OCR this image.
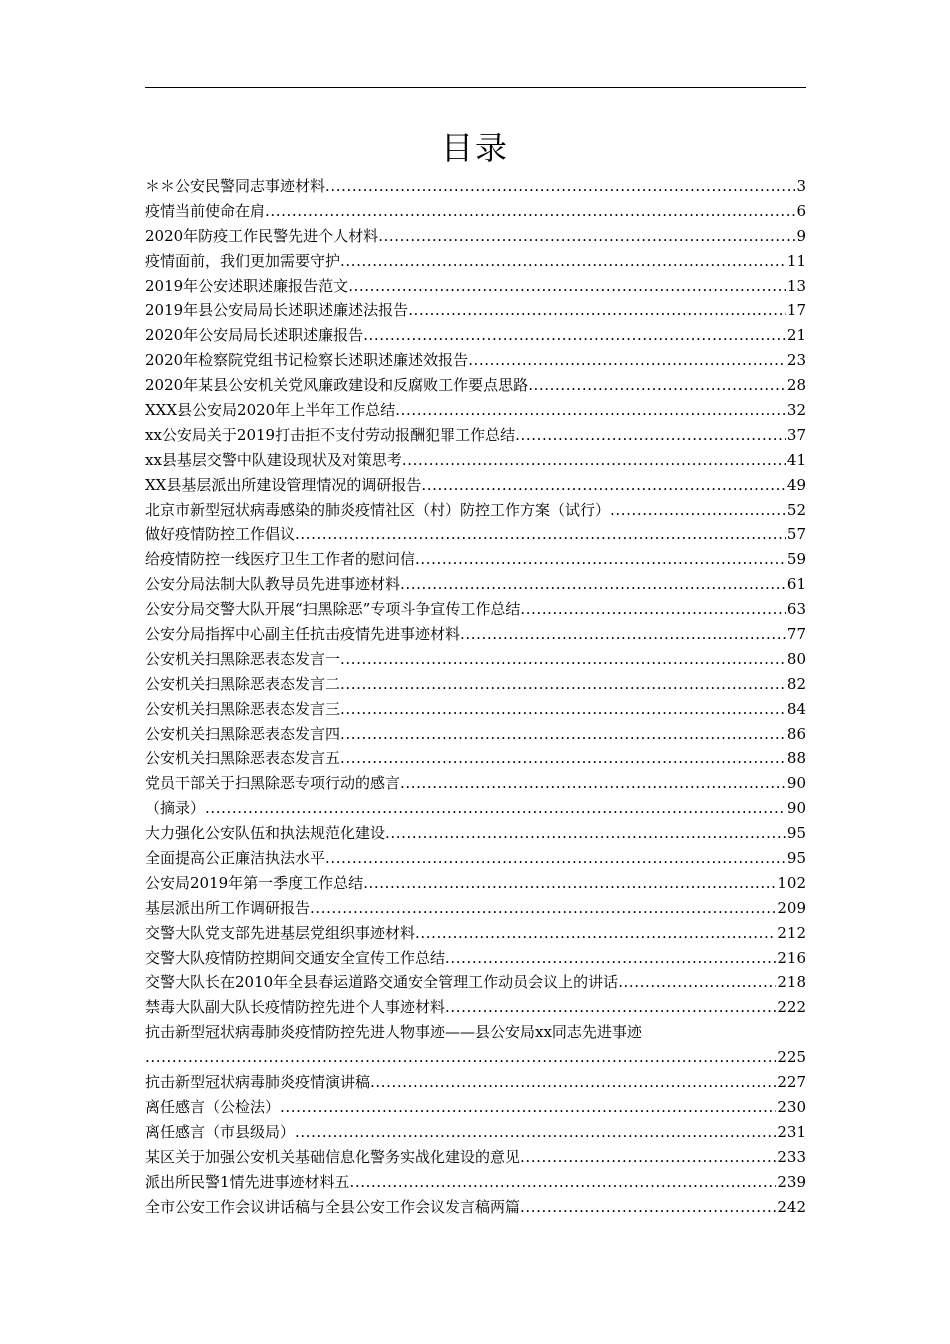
目录
＊＊公安民警同志事迹材料 .....	3
疫情当前使命在肩 .....	6
2020年防疫工作民警先进个人材料 .....	9
疫情面前，我们更加需要守护 .....	11
2019年公安述职述廉报告范文 .....	13
2019年县公安局局长述职述廉述法报告 .....	17
2020年公安局局长述职述廉报告 .....	21
2020年检察院党组书记检察长述职述廉述效报告 .....	23
2020年某县公安机关党风廉政建设和反腐败工作要点思路 .....	28
XXX县公安局2020年上半年工作总结 .....	32
xx公安局关于2019打击拒不支付劳动报酬犯罪工作总结 .....	37
xx县基层交警中队建设现状及对策思考 .....	41
XX县基层派出所建设管理情况的调研报告 .....	49
北京市新型冠状病毒感染的肺炎疫情社区（村）防控工作方案（试行） .....	52
做好疫情防控工作倡议 .....	57
给疫情防控一线医疗卫生工作者的慰问信 .....	59
公安分局法制大队教导员先进事迹材料 .....	61
公安分局交警大队开展“扫黑除恶”专项斗争宣传工作总结 .....	63
公安分局指挥中心副主任抗击疫情先进事迹材料 .....	77
公安机关扫黑除恶表态发言一 .....	80
公安机关扫黑除恶表态发言二 .....	82
公安机关扫黑除恶表态发言三 .....	84
公安机关扫黑除恶表态发言四 .....	86
公安机关扫黑除恶表态发言五 .....	88
党员干部关于扫黑除恶专项行动的感言 .....	90
（摘录） .....	90
大力强化公安队伍和执法规范化建设 .....	95
全面提高公正廉洁执法水平 .....	95
公安局2019年第一季度工作总结 .....	102
基层派出所工作调研报告 .....	209
交警大队党支部先进基层党组织事迹材料 .....	212
交警大队疫情防控期间交通安全宣传工作总结 .....	216
交警大队长在2010年全县春运道路交通安全管理工作动员会议上的讲话 .....	218
禁毒大队副大队长疫情防控先进个人事迹材料 .....	222
抗击新型冠状病毒肺炎疫情防控先进人物事迹——县公安局xx同志先进事迹
.....
225
抗击新型冠状病毒肺炎疫情演讲稿 .....	227
离任感言（公检法） .....	230
离任感言（市县级局） .....	231
某区关于加强公安机关基础信息化警务实战化建设的意见 .....	233
派出所民警1情先进事迹材料五 .....	239
全市公安工作会议讲话稿与全县公安工作会议发言稿两篇 .....	242
